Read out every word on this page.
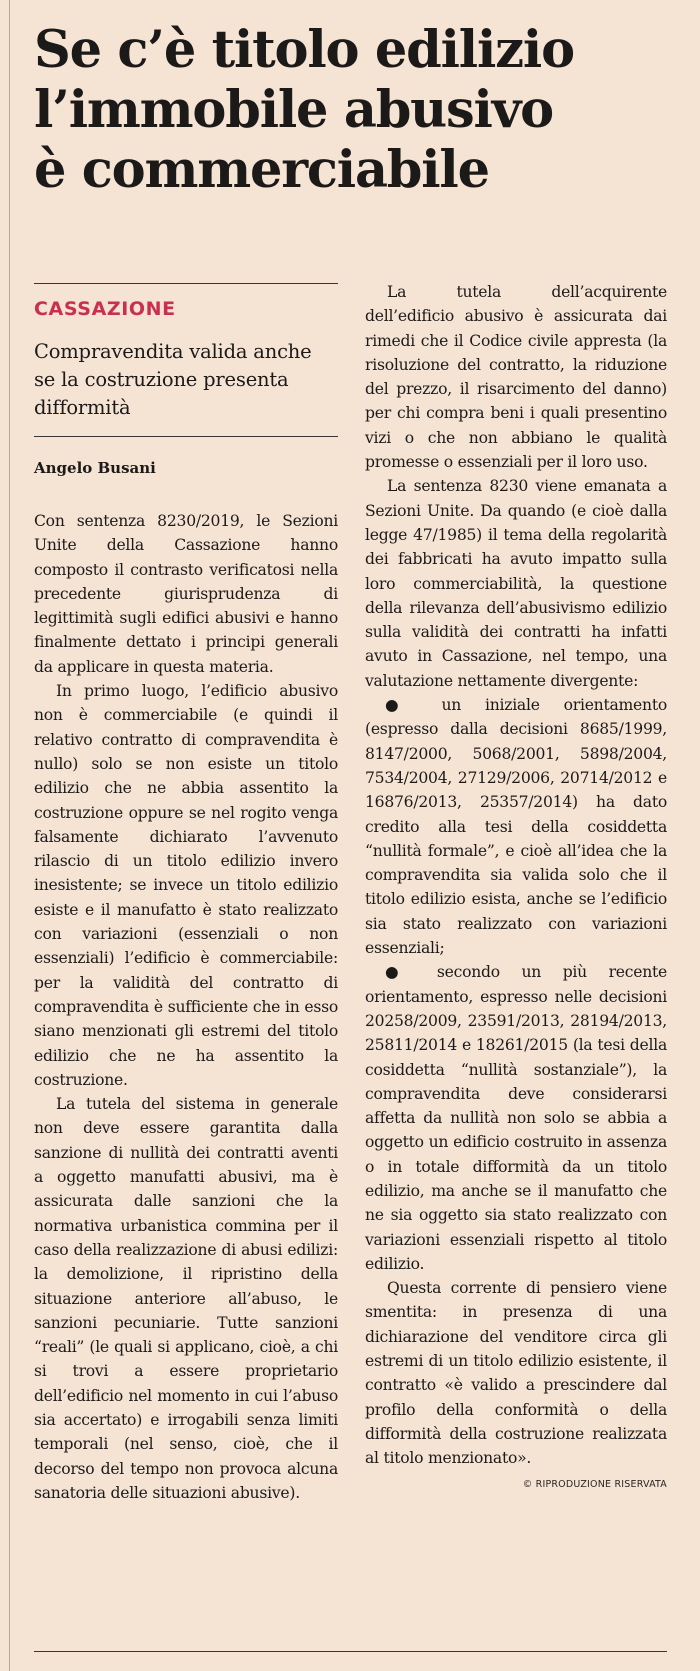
Se c’è titolo edilizio
l’immobile abusivo
è commerciabile
CASSAZIONE
Compravendita valida anche se la costruzione presenta difformità
Angelo Busani

Con sentenza 8230/2019, le Sezioni Unite della Cassazione hanno composto il contrasto verificatosi nella precedente giurisprudenza di legittimità sugli edifici abusivi e hanno finalmente dettato i principi generali da applicare in questa materia.

In primo luogo, l’edificio abusivo non è commerciabile (e quindi il relativo contratto di compravendita è nullo) solo se non esiste un titolo edilizio che ne abbia assentito la costruzione oppure se nel rogito venga falsamente dichiarato l’avvenuto rilascio di un titolo edilizio invero inesistente; se invece un titolo edilizio esiste e il manufatto è stato realizzato con variazioni (essenziali o non essenziali) l’edificio è commerciabile: per la validità del contratto di compravendita è sufficiente che in esso siano menzionati gli estremi del titolo edilizio che ne ha assentito la costruzione.

La tutela del sistema in generale non deve essere garantita dalla sanzione di nullità dei contratti aventi a oggetto manufatti abusivi, ma è assicurata dalle sanzioni che la normativa urbanistica commina per il caso della realizzazione di abusi edilizi: la demolizione, il ripristino della situazione anteriore all’abuso, le sanzioni pecuniarie. Tutte sanzioni “reali” (le quali si applicano, cioè, a chi si trovi a essere proprietario dell’edificio nel momento in cui l’abuso sia accertato) e irrogabili senza limiti temporali (nel senso, cioè, che il decorso del tempo non provoca alcuna sanatoria delle situazioni abusive).

La tutela dell’acquirente dell’edificio abusivo è assicurata dai rimedi che il Codice civile appresta (la risoluzione del contratto, la riduzione del prezzo, il risarcimento del danno) per chi compra beni i quali presentino vizi o che non abbiano le qualità promesse o essenziali per il loro uso.

La sentenza 8230 viene emanata a Sezioni Unite. Da quando (e cioè dalla legge 47/1985) il tema della regolarità dei fabbricati ha avuto impatto sulla loro commerciabilità, la questione della rilevanza dell’abusivismo edilizio sulla validità dei contratti ha infatti avuto in Cassazione, nel tempo, una valutazione nettamente divergente:

● un iniziale orientamento (espresso dalla decisioni 8685/1999, 8147/2000, 5068/2001, 5898/2004, 7534/2004, 27129/2006, 20714/2012 e 16876/2013, 25357/2014) ha dato credito alla tesi della cosiddetta “nullità formale”, e cioè all’idea che la compravendita sia valida solo che il titolo edilizio esista, anche se l’edificio sia stato realizzato con variazioni essenziali;

● secondo un più recente orientamento, espresso nelle decisioni 20258/2009, 23591/2013, 28194/2013, 25811/2014 e 18261/2015 (la tesi della cosiddetta “nullità sostanziale”), la compravendita deve considerarsi affetta da nullità non solo se abbia a oggetto un edificio costruito in assenza o in totale difformità da un titolo edilizio, ma anche se il manufatto che ne sia oggetto sia stato realizzato con variazioni essenziali rispetto al titolo edilizio.

Questa corrente di pensiero viene smentita: in presenza di una dichiarazione del venditore circa gli estremi di un titolo edilizio esistente, il contratto «è valido a prescindere dal profilo della conformità o della difformità della costruzione realizzata al titolo menzionato».

© RIPRODUZIONE RISERVATA
